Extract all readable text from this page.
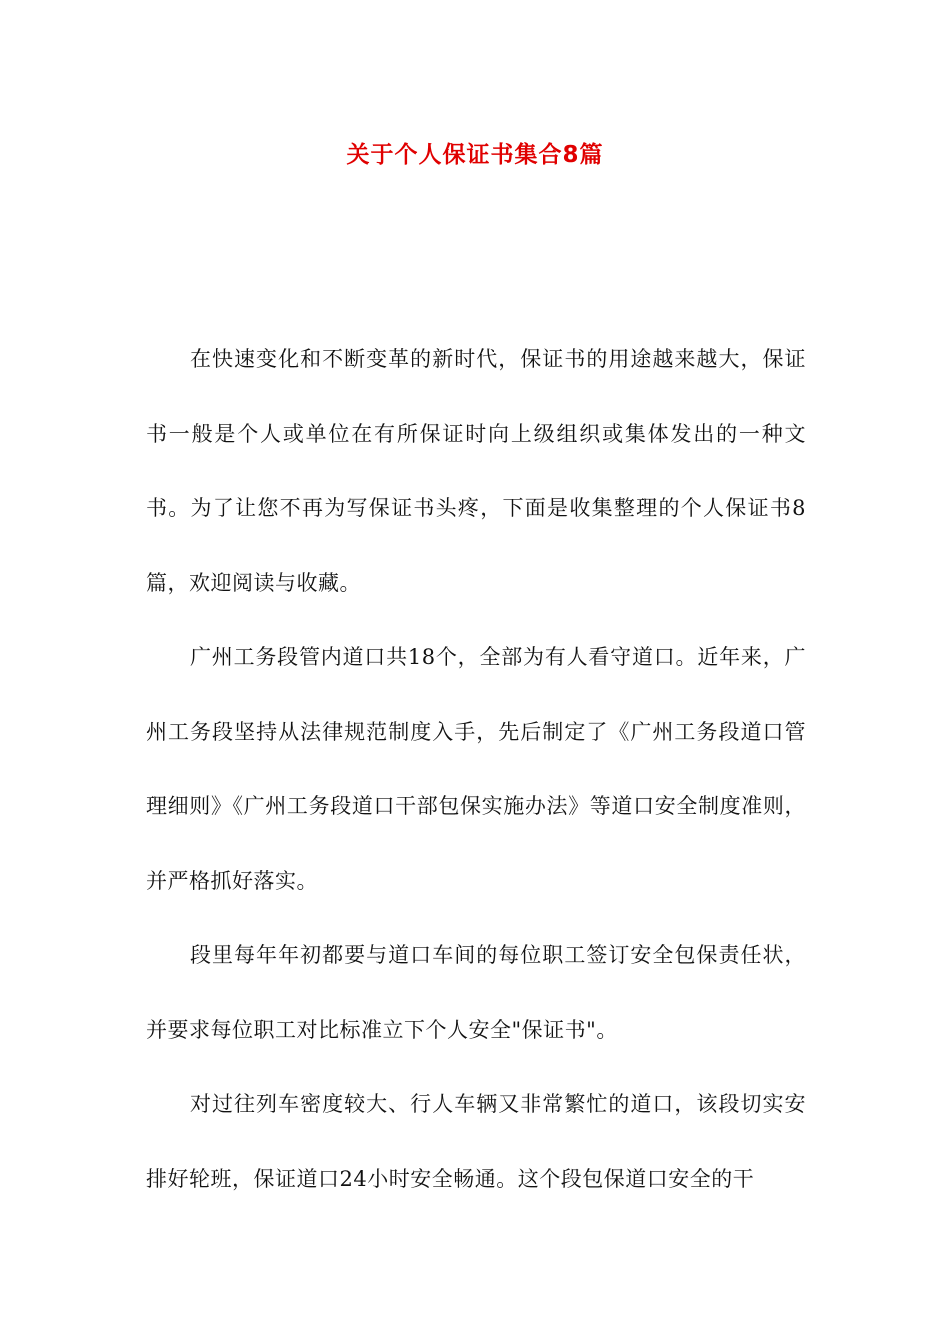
关于个人保证书集合8篇

在快速变化和不断变革的新时代，保证书的用途越来越大，保证书一般是个人或单位在有所保证时向上级组织或集体发出的一种文书。为了让您不再为写保证书头疼，下面是收集整理的个人保证书8篇，欢迎阅读与收藏。

广州工务段管内道口共18个，全部为有人看守道口。近年来，广州工务段坚持从法律规范制度入手，先后制定了《广州工务段道口管理细则》《广州工务段道口干部包保实施办法》等道口安全制度准则，并严格抓好落实。

段里每年年初都要与道口车间的每位职工签订安全包保责任状，并要求每位职工对比标准立下个人安全"保证书"。

对过往列车密度较大、行人车辆又非常繁忙的道口，该段切实安排好轮班，保证道口24小时安全畅通。这个段包保道口安全的干
